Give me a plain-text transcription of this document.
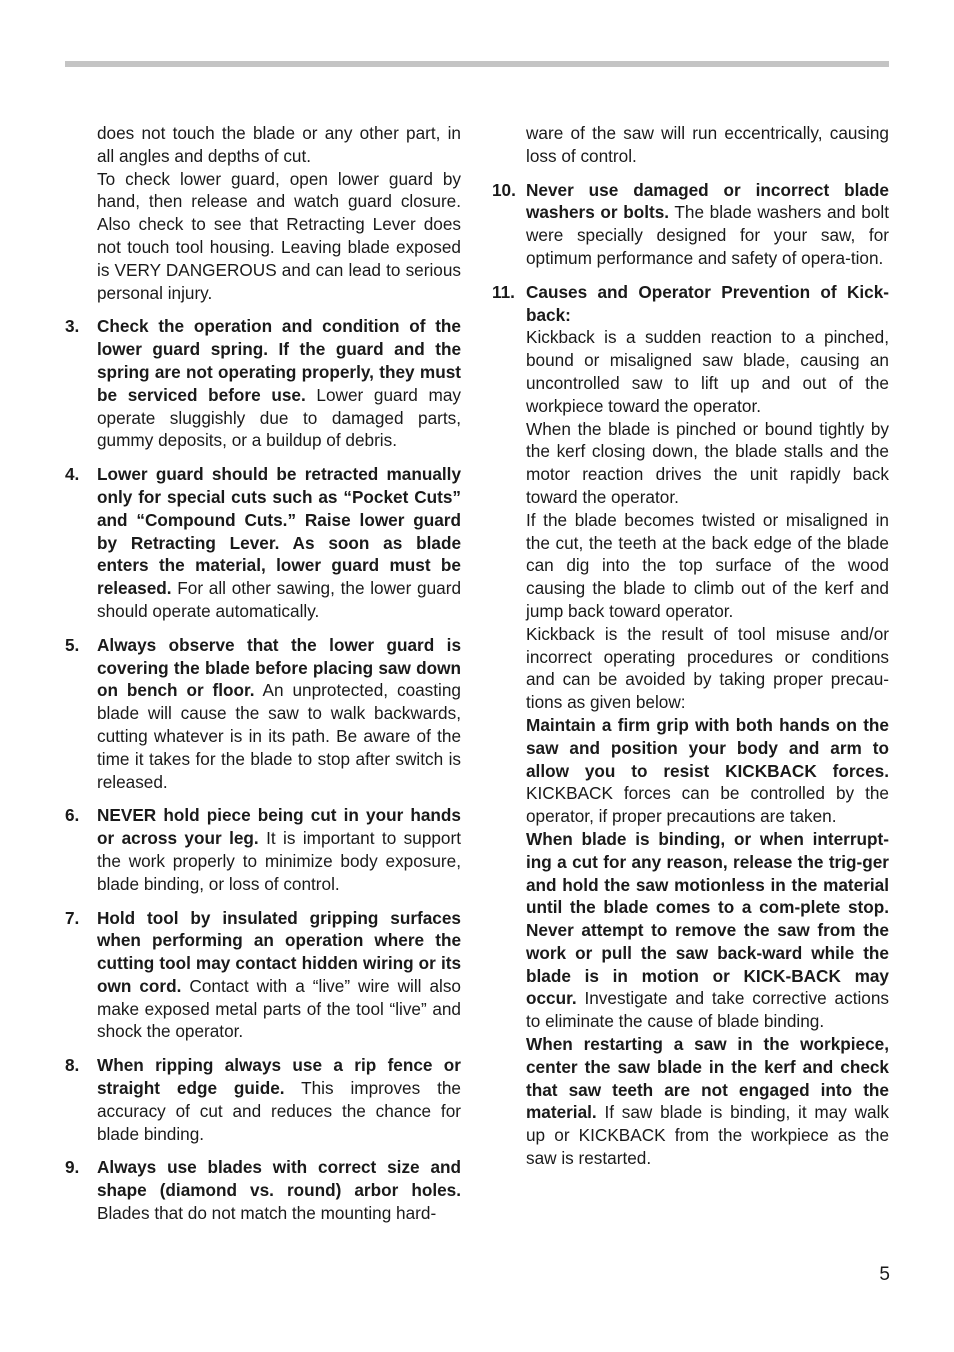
does not touch the blade or any other part, in all angles and depths of cut.

To check lower guard, open lower guard by hand, then release and watch guard closure. Also check to see that Retracting Lever does not touch tool housing. Leaving blade exposed is VERY DANGEROUS and can lead to serious personal injury.

3. Check the operation and condition of the lower guard spring. If the guard and the spring are not operating properly, they must be serviced before use. Lower guard may operate sluggishly due to damaged parts, gummy deposits, or a buildup of debris.

4. Lower guard should be retracted manually only for special cuts such as “Pocket Cuts” and “Compound Cuts.” Raise lower guard by Retracting Lever. As soon as blade enters the material, lower guard must be released. For all other sawing, the lower guard should operate automatically.

5. Always observe that the lower guard is covering the blade before placing saw down on bench or floor. An unprotected, coasting blade will cause the saw to walk backwards, cutting whatever is in its path. Be aware of the time it takes for the blade to stop after switch is released.

6. NEVER hold piece being cut in your hands or across your leg. It is important to support the work properly to minimize body exposure, blade binding, or loss of control.

7. Hold tool by insulated gripping surfaces when performing an operation where the cutting tool may contact hidden wiring or its own cord. Contact with a “live” wire will also make exposed metal parts of the tool “live” and shock the operator.

8. When ripping always use a rip fence or straight edge guide. This improves the accuracy of cut and reduces the chance for blade binding.

9. Always use blades with correct size and shape (diamond vs. round) arbor holes. Blades that do not match the mounting hard-

ware of the saw will run eccentrically, causing loss of control.

10. Never use damaged or incorrect blade washers or bolts. The blade washers and bolt were specially designed for your saw, for optimum performance and safety of opera-tion.

11. Causes and Operator Prevention of Kick-back:

Kickback is a sudden reaction to a pinched, bound or misaligned saw blade, causing an uncontrolled saw to lift up and out of the workpiece toward the operator.

When the blade is pinched or bound tightly by the kerf closing down, the blade stalls and the motor reaction drives the unit rapidly back toward the operator.

If the blade becomes twisted or misaligned in the cut, the teeth at the back edge of the blade can dig into the top surface of the wood causing the blade to climb out of the kerf and jump back toward operator.

Kickback is the result of tool misuse and/or incorrect operating procedures or conditions and can be avoided by taking proper precau-tions as given below:

Maintain a firm grip with both hands on the saw and position your body and arm to allow you to resist KICKBACK forces. KICKBACK forces can be controlled by the operator, if proper precautions are taken.

When blade is binding, or when interrupt-ing a cut for any reason, release the trig-ger and hold the saw motionless in the material until the blade comes to a com-plete stop. Never attempt to remove the saw from the work or pull the saw back-ward while the blade is in motion or KICK-BACK may occur. Investigate and take corrective actions to eliminate the cause of blade binding.

When restarting a saw in the workpiece, center the saw blade in the kerf and check that saw teeth are not engaged into the material. If saw blade is binding, it may walk up or KICKBACK from the workpiece as the saw is restarted.

5
